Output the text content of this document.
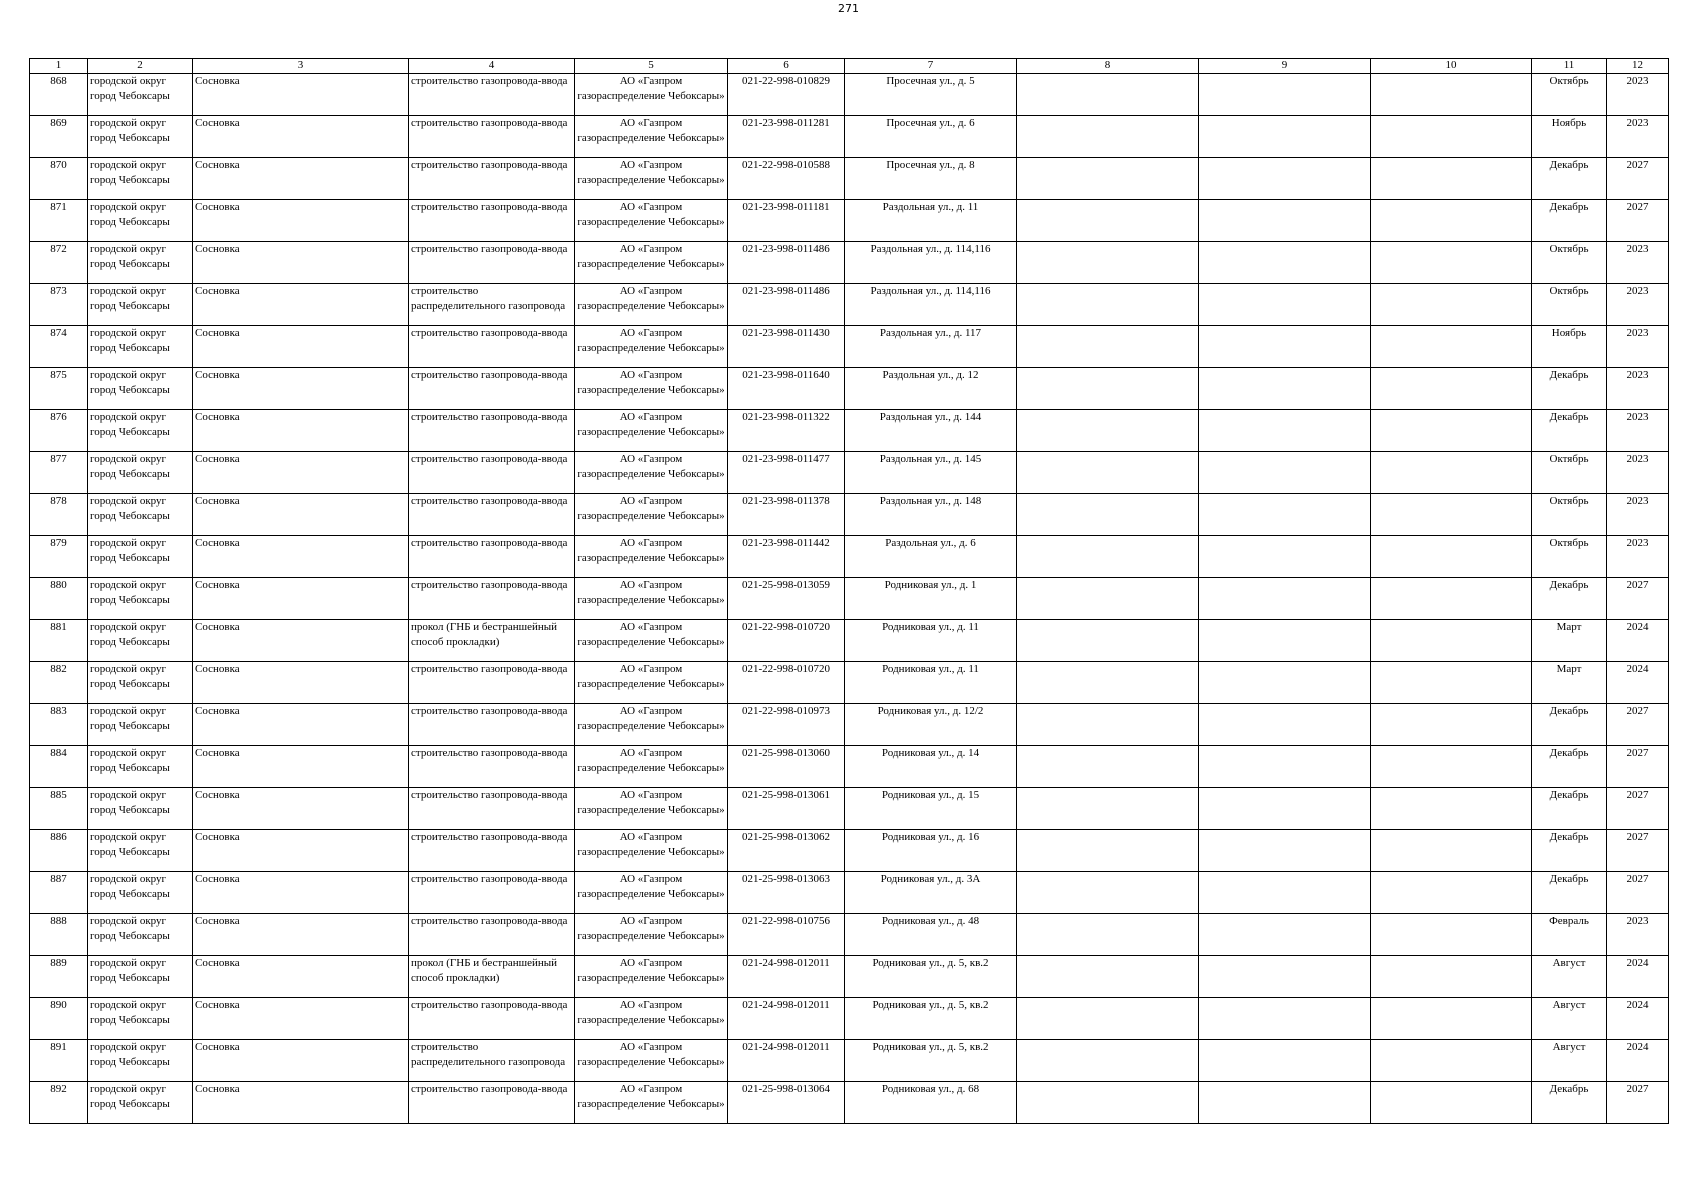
271
1	2	3	4	5	6	7	8	9	10	11	12

868	городской округ город Чебоксары	Сосновка	строительство газопровода-ввода	АО «Газпром газораспределение Чебоксары»	021-22-998-010829	Просечная ул., д. 5				Октябрь	2023

869	городской округ город Чебоксары	Сосновка	строительство газопровода-ввода	АО «Газпром газораспределение Чебоксары»	021-23-998-011281	Просечная ул., д. 6				Ноябрь	2023

870	городской округ город Чебоксары	Сосновка	строительство газопровода-ввода	АО «Газпром газораспределение Чебоксары»	021-22-998-010588	Просечная ул., д. 8				Декабрь	2027

871	городской округ город Чебоксары	Сосновка	строительство газопровода-ввода	АО «Газпром газораспределение Чебоксары»	021-23-998-011181	Раздольная ул., д. 11				Декабрь	2027

872	городской округ город Чебоксары	Сосновка	строительство газопровода-ввода	АО «Газпром газораспределение Чебоксары»	021-23-998-011486	Раздольная ул., д. 114,116				Октябрь	2023

873	городской округ город Чебоксары	Сосновка	строительство распределительного газопровода	АО «Газпром газораспределение Чебоксары»	021-23-998-011486	Раздольная ул., д. 114,116				Октябрь	2023

874	городской округ город Чебоксары	Сосновка	строительство газопровода-ввода	АО «Газпром газораспределение Чебоксары»	021-23-998-011430	Раздольная ул., д. 117				Ноябрь	2023

875	городской округ город Чебоксары	Сосновка	строительство газопровода-ввода	АО «Газпром газораспределение Чебоксары»	021-23-998-011640	Раздольная ул., д. 12				Декабрь	2023

876	городской округ город Чебоксары	Сосновка	строительство газопровода-ввода	АО «Газпром газораспределение Чебоксары»	021-23-998-011322	Раздольная ул., д. 144				Декабрь	2023

877	городской округ город Чебоксары	Сосновка	строительство газопровода-ввода	АО «Газпром газораспределение Чебоксары»	021-23-998-011477	Раздольная ул., д. 145				Октябрь	2023

878	городской округ город Чебоксары	Сосновка	строительство газопровода-ввода	АО «Газпром газораспределение Чебоксары»	021-23-998-011378	Раздольная ул., д. 148				Октябрь	2023

879	городской округ город Чебоксары	Сосновка	строительство газопровода-ввода	АО «Газпром газораспределение Чебоксары»	021-23-998-011442	Раздольная ул., д. 6				Октябрь	2023

880	городской округ город Чебоксары	Сосновка	строительство газопровода-ввода	АО «Газпром газораспределение Чебоксары»	021-25-998-013059	Родниковая ул., д. 1				Декабрь	2027

881	городской округ город Чебоксары	Сосновка	прокол (ГНБ и бестраншейный способ прокладки)	АО «Газпром газораспределение Чебоксары»	021-22-998-010720	Родниковая ул., д. 11				Март	2024

882	городской округ город Чебоксары	Сосновка	строительство газопровода-ввода	АО «Газпром газораспределение Чебоксары»	021-22-998-010720	Родниковая ул., д. 11				Март	2024

883	городской округ город Чебоксары	Сосновка	строительство газопровода-ввода	АО «Газпром газораспределение Чебоксары»	021-22-998-010973	Родниковая ул., д. 12/2				Декабрь	2027

884	городской округ город Чебоксары	Сосновка	строительство газопровода-ввода	АО «Газпром газораспределение Чебоксары»	021-25-998-013060	Родниковая ул., д. 14				Декабрь	2027

885	городской округ город Чебоксары	Сосновка	строительство газопровода-ввода	АО «Газпром газораспределение Чебоксары»	021-25-998-013061	Родниковая ул., д. 15				Декабрь	2027

886	городской округ город Чебоксары	Сосновка	строительство газопровода-ввода	АО «Газпром газораспределение Чебоксары»	021-25-998-013062	Родниковая ул., д. 16				Декабрь	2027

887	городской округ город Чебоксары	Сосновка	строительство газопровода-ввода	АО «Газпром газораспределение Чебоксары»	021-25-998-013063	Родниковая ул., д. 3А				Декабрь	2027

888	городской округ город Чебоксары	Сосновка	строительство газопровода-ввода	АО «Газпром газораспределение Чебоксары»	021-22-998-010756	Родниковая ул., д. 48				Февраль	2023

889	городской округ город Чебоксары	Сосновка	прокол (ГНБ и бестраншейный способ прокладки)	АО «Газпром газораспределение Чебоксары»	021-24-998-012011	Родниковая ул., д. 5, кв.2				Август	2024

890	городской округ город Чебоксары	Сосновка	строительство газопровода-ввода	АО «Газпром газораспределение Чебоксары»	021-24-998-012011	Родниковая ул., д. 5, кв.2				Август	2024

891	городской округ город Чебоксары	Сосновка	строительство распределительного газопровода	АО «Газпром газораспределение Чебоксары»	021-24-998-012011	Родниковая ул., д. 5, кв.2				Август	2024

892	городской округ город Чебоксары	Сосновка	строительство газопровода-ввода	АО «Газпром газораспределение Чебоксары»	021-25-998-013064	Родниковая ул., д. 68				Декабрь	2027
